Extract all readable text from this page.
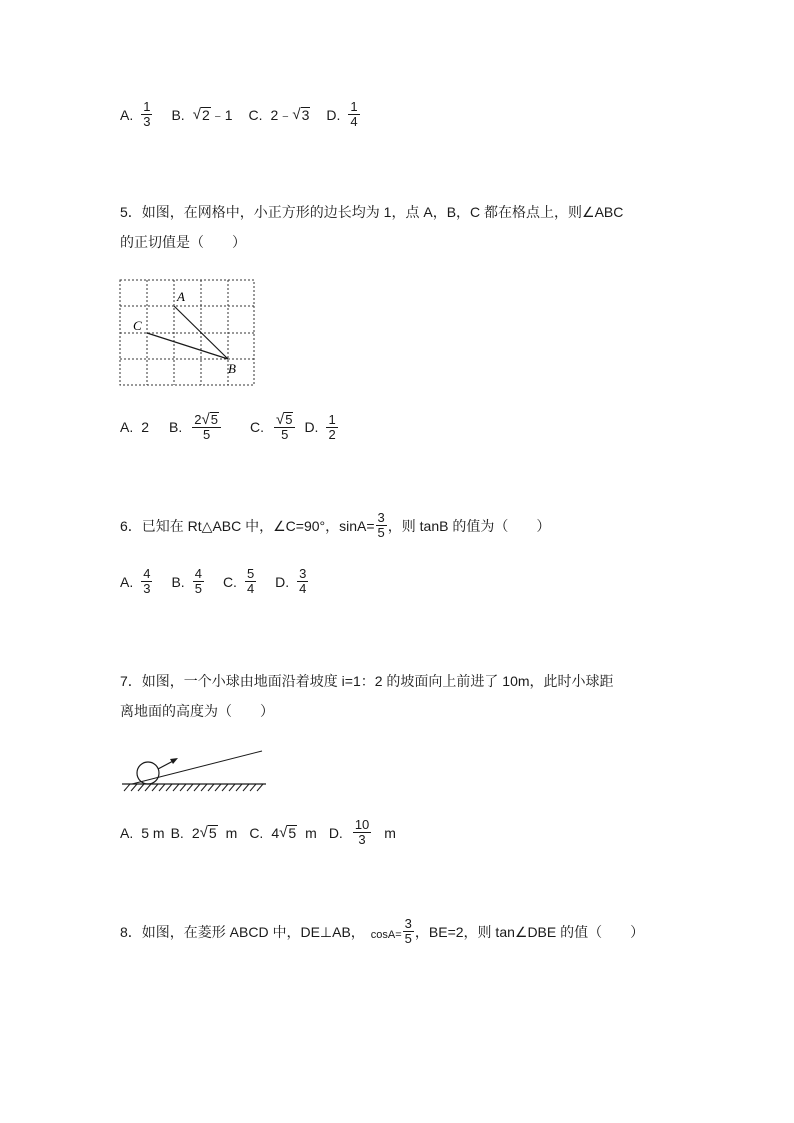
A. $\frac{1}{3} B$. √ 2 ﹣1 C. 2﹣ √ 3 D. $\frac{1}{4}$
5．如图，在网格中，小正方形的边长均为 1，点 A，B，C 都在格点上，则∠ABC
的正切值是（　　）
A
C
B
A. 2 B. $\frac{2 √ 5}{5} C$. $\frac{√ 5}{5} D$. $\frac{1}{2}$
6．已知在 Rt△ABC 中，∠C=90°，$\sin A= \frac{3}{5}$ ，则 tanB 的值为（　　）
A. $\frac{4}{3} B$. $\frac{4}{5} C$. $\frac{5}{4} D$. $\frac{3}{4}$
7．如图，一个小球由地面沿着坡度 i=1：2 的坡面向上前进了 10m，此时小球距
离地面的高度为（　　）
A. 5 m B. 2 √ 5 m C. 4 √ 5 m D. $\frac{10}{3}$ m
8．如图，在菱形 ABCD 中，DE⊥AB， $\cos A= \frac{3}{5}$ ，BE=2，则 tan∠DBE 的值（　　）
